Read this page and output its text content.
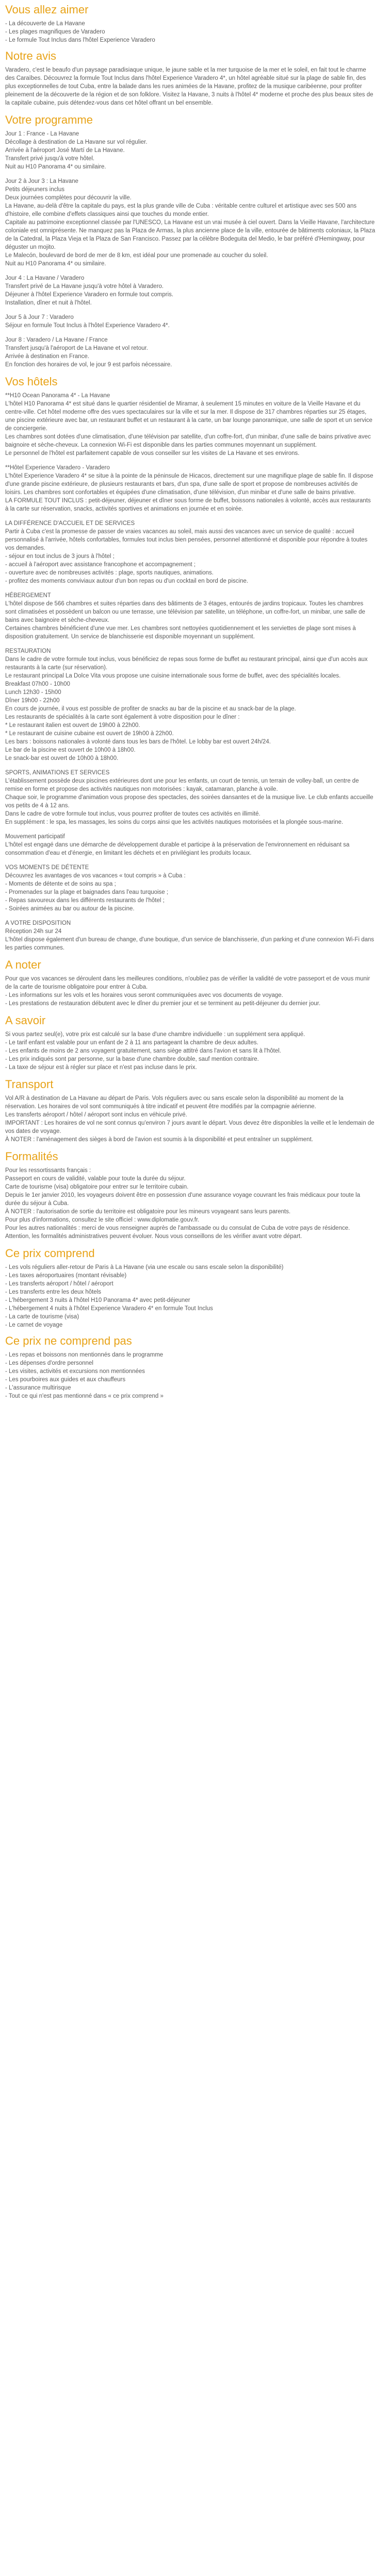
Vous allez aimer
- La découverte de La Havane
- Les plages magnifiques de Varadero
- Le formule Tout Inclus dans l'hôtel Experience Varadero
Notre avis

Varadero, c'est le beaufo d'un paysage paradisiaque unique, le jaune sable et la mer turquoise de la mer et le soleil, en fait tout le charme des Caraïbes. Découvrez la formule Tout Inclus dans l'hôtel Experience Varadero 4*, un hôtel agréable situé sur la plage de sable fin, des plus exceptionnelles de tout Cuba, entre la balade dans les rues animées de la Havane, profitez de la musique caribéenne, pour profiter pleinement de la découverte de la région et de son folklore. Visitez la Havane, 3 nuits à l'hôtel 4* moderne et proche des plus beaux sites de la capitale cubaine, puis détendez-vous dans cet hôtel offrant un bel ensemble.

Votre programme
Jour 1 : France - La Havane

Décollage à destination de La Havane sur vol régulier.
Arrivée à l'aéroport José Martí de La Havane.
Transfert privé jusqu'à votre hôtel.
Nuit au H10 Panorama 4* ou similaire.

Jour 2 à Jour 3 : La Havane

Petits déjeuners inclus
Deux journées complètes pour découvrir la ville.
La Havane, au-delà d'être la capitale du pays, est la plus grande ville de Cuba : véritable centre culturel et artistique avec ses 500 ans d'histoire, elle combine d'effets classiques ainsi que touches du monde entier.
Capitale au patrimoine exceptionnel classée par l'UNESCO, La Havane est un vrai musée à ciel ouvert. Dans la Vieille Havane, l'architecture coloniale est omniprésente. Ne manquez pas la Plaza de Armas, la plus ancienne place de la ville, entourée de bâtiments coloniaux, la Plaza de la Catedral, la Plaza Vieja et la Plaza de San Francisco. Passez par la célèbre Bodeguita del Medio, le bar préféré d'Hemingway, pour déguster un mojito.
Le Malecón, boulevard de bord de mer de 8 km, est idéal pour une promenade au coucher du soleil.
Nuit au H10 Panorama 4* ou similaire.

Jour 4 : La Havane / Varadero

Transfert privé de La Havane jusqu'à votre hôtel à Varadero.
Déjeuner à l'hôtel Experience Varadero en formule tout compris.
Installation, dîner et nuit à l'hôtel.

Jour 5 à Jour 7 : Varadero

Séjour en formule Tout Inclus à l'hôtel Experience Varadero 4*.

Jour 8 : Varadero / La Havane / France

Transfert jusqu'à l'aéroport de La Havane et vol retour.
Arrivée à destination en France.
En fonction des horaires de vol, le jour 9 est parfois nécessaire.

Vos hôtels
**H10 Ocean Panorama 4* - La Havane

L'hôtel H10 Panorama 4* est situé dans le quartier résidentiel de Miramar, à seulement 15 minutes en voiture de la Vieille Havane et du centre-ville. Cet hôtel moderne offre des vues spectaculaires sur la ville et sur la mer. Il dispose de 317 chambres réparties sur 25 étages, une piscine extérieure avec bar, un restaurant buffet et un restaurant à la carte, un bar lounge panoramique, une salle de sport et un service de conciergerie.
Les chambres sont dotées d'une climatisation, d'une télévision par satellite, d'un coffre-fort, d'un minibar, d'une salle de bains privative avec baignoire et sèche-cheveux. La connexion Wi-Fi est disponible dans les parties communes moyennant un supplément.
Le personnel de l'hôtel est parfaitement capable de vous conseiller sur les visites de La Havane et ses environs.

**Hôtel Experience Varadero - Varadero

L'hôtel Experience Varadero 4* se situe à la pointe de la péninsule de Hicacos, directement sur une magnifique plage de sable fin. Il dispose d'une grande piscine extérieure, de plusieurs restaurants et bars, d'un spa, d'une salle de sport et propose de nombreuses activités de loisirs. Les chambres sont confortables et équipées d'une climatisation, d'une télévision, d'un minibar et d'une salle de bains privative.
LA FORMULE TOUT INCLUS : petit-déjeuner, déjeuner et dîner sous forme de buffet, boissons nationales à volonté, accès aux restaurants à la carte sur réservation, snacks, activités sportives et animations en journée et en soirée.

LA DIFFÉRENCE D'ACCUEIL ET DE SERVICES

Partir à Cuba c'est la promesse de passer de vraies vacances au soleil, mais aussi des vacances avec un service de qualité : accueil personnalisé à l'arrivée, hôtels confortables, formules tout inclus bien pensées, personnel attentionné et disponible pour répondre à toutes vos demandes.
- séjour en tout inclus de 3 jours à l'hôtel ;
- accueil à l'aéroport avec assistance francophone et accompagnement ;
- ouverture avec de nombreuses activités : plage, sports nautiques, animations.
- profitez des moments conviviaux autour d'un bon repas ou d'un cocktail en bord de piscine.

HÉBERGEMENT

L'hôtel dispose de 566 chambres et suites réparties dans des bâtiments de 3 étages, entourés de jardins tropicaux. Toutes les chambres sont climatisées et possèdent un balcon ou une terrasse, une télévision par satellite, un téléphone, un coffre-fort, un minibar, une salle de bains avec baignoire et sèche-cheveux.
Certaines chambres bénéficient d'une vue mer. Les chambres sont nettoyées quotidiennement et les serviettes de plage sont mises à disposition gratuitement. Un service de blanchisserie est disponible moyennant un supplément.

RESTAURATION

Dans le cadre de votre formule tout inclus, vous bénéficiez de repas sous forme de buffet au restaurant principal, ainsi que d'un accès aux restaurants à la carte (sur réservation).
Le restaurant principal La Dolce Vita vous propose une cuisine internationale sous forme de buffet, avec des spécialités locales.
Breakfast 07h00 - 10h00
Lunch 12h30 - 15h00
Dîner 19h00 - 22h00
En cours de journée, il vous est possible de profiter de snacks au bar de la piscine et au snack-bar de la plage.
Les restaurants de spécialités à la carte sont également à votre disposition pour le dîner :
* Le restaurant italien est ouvert de 19h00 à 22h00.
* Le restaurant de cuisine cubaine est ouvert de 19h00 à 22h00.
Les bars : boissons nationales à volonté dans tous les bars de l'hôtel. Le lobby bar est ouvert 24h/24.
Le bar de la piscine est ouvert de 10h00 à 18h00.
Le snack-bar est ouvert de 10h00 à 18h00.

SPORTS, ANIMATIONS ET SERVICES

L'établissement possède deux piscines extérieures dont une pour les enfants, un court de tennis, un terrain de volley-ball, un centre de remise en forme et propose des activités nautiques non motorisées : kayak, catamaran, planche à voile.
Chaque soir, le programme d'animation vous propose des spectacles, des soirées dansantes et de la musique live. Le club enfants accueille vos petits de 4 à 12 ans.
Dans le cadre de votre formule tout inclus, vous pourrez profiter de toutes ces activités en illimité.
En supplément : le spa, les massages, les soins du corps ainsi que les activités nautiques motorisées et la plongée sous-marine.

Mouvement participatif

L'hôtel est engagé dans une démarche de développement durable et participe à la préservation de l'environnement en réduisant sa consommation d'eau et d'énergie, en limitant les déchets et en privilégiant les produits locaux.

VOS MOMENTS DE DÉTENTE

Découvrez les avantages de vos vacances « tout compris » à Cuba :
- Moments de détente et de soins au spa ;
- Promenades sur la plage et baignades dans l'eau turquoise ;
- Repas savoureux dans les différents restaurants de l'hôtel ;
- Soirées animées au bar ou autour de la piscine.

A VOTRE DISPOSITION

Réception 24h sur 24
L'hôtel dispose également d'un bureau de change, d'une boutique, d'un service de blanchisserie, d'un parking et d'une connexion Wi-Fi dans les parties communes.

A noter

Pour que vos vacances se déroulent dans les meilleures conditions, n'oubliez pas de vérifier la validité de votre passeport et de vous munir de la carte de tourisme obligatoire pour entrer à Cuba.
- Les informations sur les vols et les horaires vous seront communiquées avec vos documents de voyage.
- Les prestations de restauration débutent avec le dîner du premier jour et se terminent au petit-déjeuner du dernier jour.

A savoir

Si vous partez seul(e), votre prix est calculé sur la base d'une chambre individuelle : un supplément sera appliqué.
- Le tarif enfant est valable pour un enfant de 2 à 11 ans partageant la chambre de deux adultes.
- Les enfants de moins de 2 ans voyagent gratuitement, sans siège attitré dans l'avion et sans lit à l'hôtel.
- Les prix indiqués sont par personne, sur la base d'une chambre double, sauf mention contraire.
- La taxe de séjour est à régler sur place et n'est pas incluse dans le prix.

Transport

Vol A/R à destination de La Havane au départ de Paris. Vols réguliers avec ou sans escale selon la disponibilité au moment de la réservation. Les horaires de vol sont communiqués à titre indicatif et peuvent être modifiés par la compagnie aérienne.
Les transferts aéroport / hôtel / aéroport sont inclus en véhicule privé.
IMPORTANT : Les horaires de vol ne sont connus qu'environ 7 jours avant le départ. Vous devez être disponibles la veille et le lendemain de vos dates de voyage.
À NOTER : l'aménagement des sièges à bord de l'avion est soumis à la disponibilité et peut entraîner un supplément.

Formalités

Pour les ressortissants français :
Passeport en cours de validité, valable pour toute la durée du séjour.
Carte de tourisme (visa) obligatoire pour entrer sur le territoire cubain.
Depuis le 1er janvier 2010, les voyageurs doivent être en possession d'une assurance voyage couvrant les frais médicaux pour toute la durée du séjour à Cuba.
À NOTER : l'autorisation de sortie du territoire est obligatoire pour les mineurs voyageant sans leurs parents.
Pour plus d'informations, consultez le site officiel : www.diplomatie.gouv.fr.
Pour les autres nationalités : merci de vous renseigner auprès de l'ambassade ou du consulat de Cuba de votre pays de résidence.
Attention, les formalités administratives peuvent évoluer. Nous vous conseillons de les vérifier avant votre départ.

Ce prix comprend
- Les vols réguliers aller-retour de Paris à La Havane (via une escale ou sans escale selon la disponibilité)
- Les taxes aéroportuaires (montant révisable)
- Les transferts aéroport / hôtel / aéroport
- Les transferts entre les deux hôtels
- L'hébergement 3 nuits à l'hôtel H10 Panorama 4* avec petit-déjeuner
- L'hébergement 4 nuits à l'hôtel Experience Varadero 4* en formule Tout Inclus
- La carte de tourisme (visa)
- Le carnet de voyage
Ce prix ne comprend pas
- Les repas et boissons non mentionnés dans le programme
- Les dépenses d'ordre personnel
- Les visites, activités et excursions non mentionnées
- Les pourboires aux guides et aux chauffeurs
- L'assurance multirisque
- Tout ce qui n'est pas mentionné dans « ce prix comprend »
